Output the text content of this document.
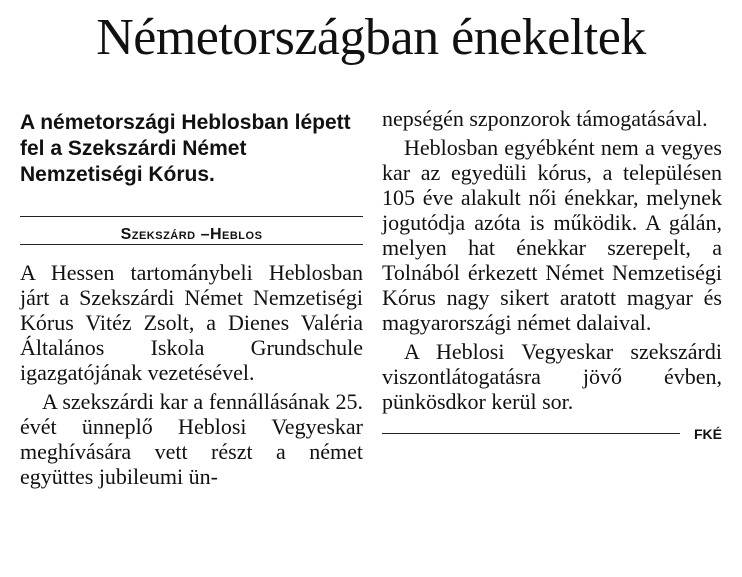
Németországban énekeltek

A németországi Heblosban lépett fel a Szekszárdi Német Nemzetiségi Kórus.

Szekszárd –Heblos

A Hessen tartománybeli Heblosban járt a Szekszárdi Német Nemzetiségi Kórus Vitéz Zsolt, a Dienes Valéria Általános Iskola Grundschule igazgatójának vezetésével.

A szekszárdi kar a fennállásának 25. évét ünneplő Heblosi Vegyeskar meghívására vett részt a német együttes jubileumi ün-

nepségén szponzorok támogatásával.

Heblosban egyébként nem a vegyes kar az egyedüli kórus, a településen 105 éve alakult női énekkar, melynek jogutódja azóta is működik. A gálán, melyen hat énekkar szerepelt, a Tolnából érkezett Német Nemzetiségi Kórus nagy sikert aratott magyar és magyarországi német dalaival.

A Heblosi Vegyeskar szekszárdi viszontlátogatásra jövő évben, pünkösdkor kerül sor.

FKÉ
